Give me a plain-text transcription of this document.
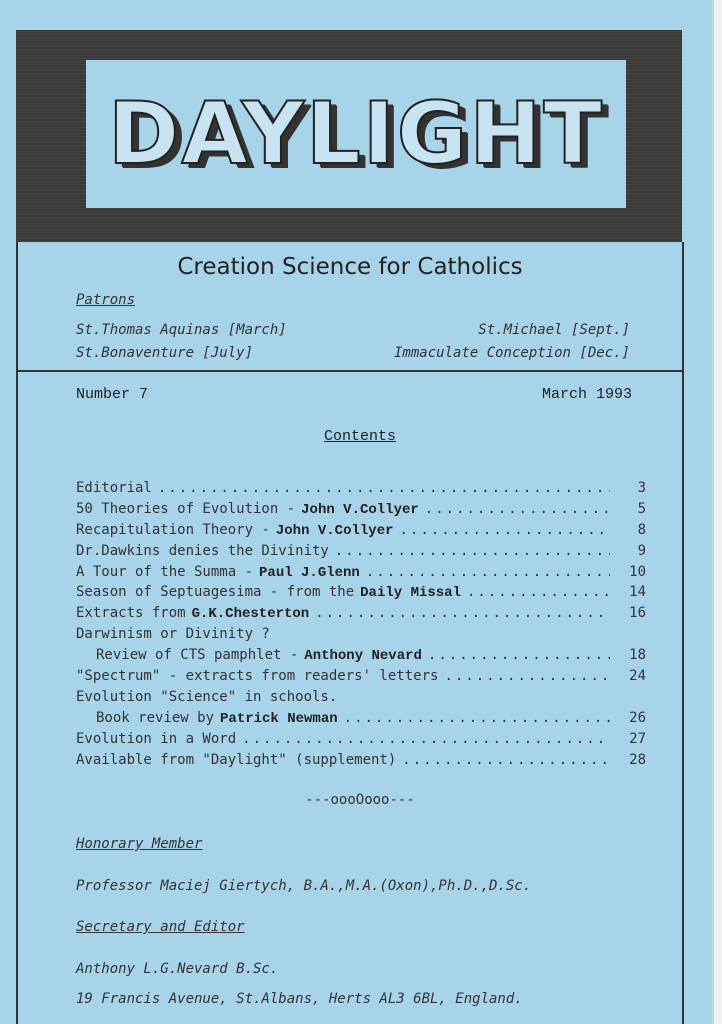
DAYLIGHT
Creation Science for Catholics
Patrons
St.Thomas Aquinas [March]	St.Michael [Sept.]
St.Bonaventure [July]	Immaculate Conception [Dec.]
Number 7	March 1993
Contents
Editorial .....	3
50 Theories of Evolution - John V.Collyer .....	5
Recapitulation Theory - John V.Collyer .....	8
Dr.Dawkins denies the Divinity .....	9
A Tour of the Summa - Paul J.Glenn .....	10
Season of Septuagesima - from the Daily Missal .....	14
Extracts from G.K.Chesterton .....	16
Darwinism or Divinity ?
Review of CTS pamphlet - Anthony Nevard .....	18
"Spectrum" - extracts from readers' letters .....	24
Evolution "Science" in schools.
Book review by Patrick Newman .....	26
Evolution in a Word .....	27
Available from "Daylight" (supplement) .....	28
---oooOooo---
Honorary Member
Professor Maciej Giertych, B.A.,M.A.(Oxon),Ph.D.,D.Sc.
Secretary and Editor
Anthony L.G.Nevard B.Sc.
19 Francis Avenue, St.Albans, Herts AL3 6BL, England.
